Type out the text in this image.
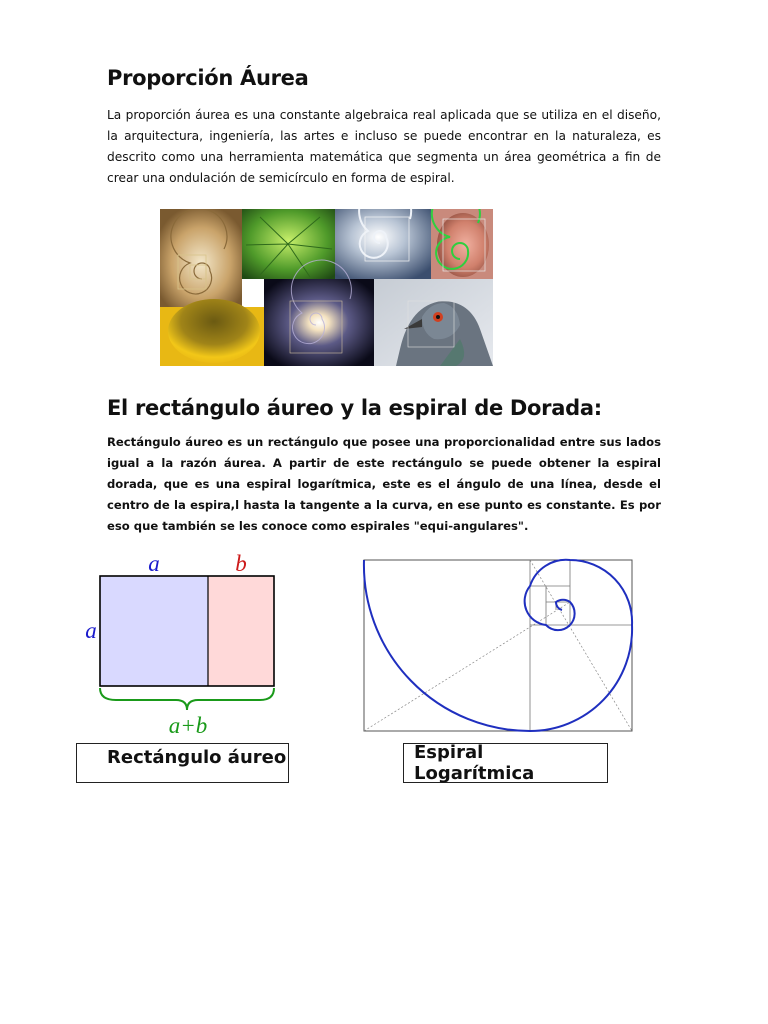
Proporción Áurea
La proporción áurea es una constante algebraica real aplicada que se utiliza en el diseño, la arquitectura, ingeniería, las artes e incluso se puede encontrar en la naturaleza, es descrito como una herramienta matemática que segmenta un área geométrica a fin de crear una ondulación de semicírculo en forma de espiral.
El rectángulo áureo y la espiral de Dorada:
Rectángulo áureo es un rectángulo que posee una proporcionalidad entre sus lados igual a la razón áurea. A partir de este rectángulo se puede obtener la espiral dorada, que es una espiral logarítmica, este es el ángulo de una línea, desde el centro de la espira,l hasta la tangente a la curva, en ese punto es constante. Es por eso que también se les conoce como espirales "equi-angulares".
a	b
a
a+b
Rectángulo áureo	Espiral Logarítmica
